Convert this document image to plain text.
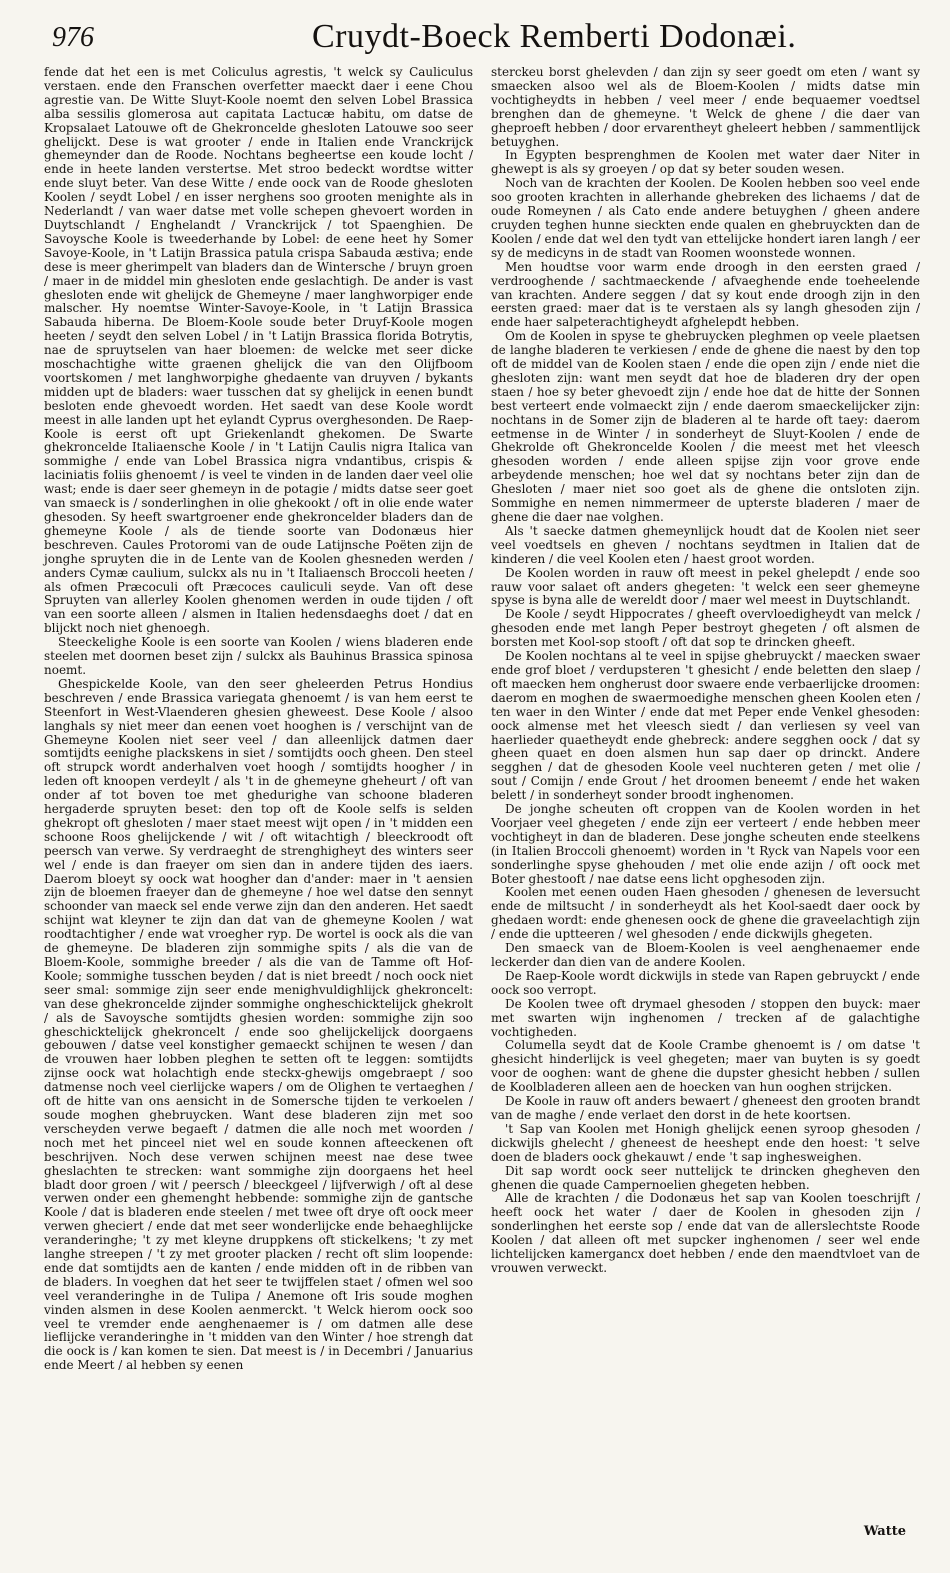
976	Cruydt-Boeck Remberti Dodonæi.

fende dat het een is met Coliculus agrestis, 't welck sy Cauliculus verstaen. ende den Franschen overfetter maeckt daer i eene Chou agrestie van. De Witte Sluyt-Koole noemt den selven Lobel Brassica alba sessilis glomerosa aut capitata Lactucæ habitu, om datse de Kropsalaet Latouwe oft de Ghekroncelde ghesloten Latouwe soo seer ghelijckt. Dese is wat grooter / ende in Italien ende Vranckrijck ghemeynder dan de Roode. Nochtans begheertse een koude locht / ende in heete landen verstertse. Met stroo bedeckt wordtse witter ende sluyt beter. Van dese Witte / ende oock van de Roode ghesloten Koolen / seydt Lobel / en isser nerghens soo grooten menighte als in Nederlandt / van waer datse met volle schepen ghevoert worden in Duytschlandt / Enghelandt / Vranckrijck / tot Spaenghien. De Savoysche Koole is tweederhande by Lobel: de eene heet hy Somer Savoye-Koole, in 't Latijn Brassica patula crispa Sabauda æstiva; ende dese is meer gherimpelt van bladers dan de Wintersche / bruyn groen / maer in de middel min ghesloten ende geslachtigh. De ander is vast ghesloten ende wit ghelijck de Ghemeyne / maer langhworpiger ende malscher. Hy noemtse Winter-Savoye-Koole, in 't Latijn Brassica Sabauda hiberna. De Bloem-Koole soude beter Druyf-Koole mogen heeten / seydt den selven Lobel / in 't Latijn Brassica florida Botrytis, nae de spruytselen van haer bloemen: de welcke met seer dicke moschachtighe witte graenen ghelijck die van den Olijfboom voortskomen / met langhworpighe ghedaente van druyven / bykants midden upt de bladers: waer tusschen dat sy ghelijck in eenen bundt besloten ende ghevoedt worden. Het saedt van dese Koole wordt meest in alle landen upt het eylandt Cyprus overghesonden. De Raep-Koole is eerst oft upt Griekenlandt ghekomen. De Swarte ghekroncelde Italiaensche Koole / in 't Latijn Caulis nigra Italica van sommighe / ende van Lobel Brassica nigra vndantibus, crispis & laciniatis foliis ghenoemt / is veel te vinden in de landen daer veel olie wast; ende is daer seer ghemeyn in de potagie / midts datse seer goet van smaeck is / sonderlinghen in olie ghekookt / oft in olie ende water ghesoden. Sy heeft swartgroener ende ghekroncelder bladers dan de ghemeyne Koole / als de tiende soorte van Dodonæus hier beschreven. Caules Protoromi van de oude Latijnsche Poëten zijn de jonghe spruyten die in de Lente van de Koolen ghesneden werden / anders Cymæ caulium, sulckx als nu in 't Italiaensch Broccoli heeten / als ofmen Præcoculi oft Præcoces cauliculi seyde. Van oft dese Spruyten van allerley Koolen ghenomen werden in oude tijden / oft van een soorte alleen / alsmen in Italien hedensdaeghs doet / dat en blijckt noch niet ghenoegh.

Steeckelighe Koole is een soorte van Koolen / wiens bladeren ende steelen met doornen beset zijn / sulckx als Bauhinus Brassica spinosa noemt.

Ghespickelde Koole, van den seer gheleerden Petrus Hondius beschreven / ende Brassica variegata ghenoemt / is van hem eerst te Steenfort in West-Vlaenderen ghesien gheweest. Dese Koole / alsoo langhals sy niet meer dan eenen voet hooghen is / verschijnt van de Ghemeyne Koolen niet seer veel / dan alleenlijck datmen daer somtijdts eenighe plackskens in siet / somtijdts ooch gheen. Den steel oft strupck wordt anderhalven voet hoogh / somtijdts hoogher / in leden oft knoopen verdeylt / als 't in de ghemeyne gheheurt / oft van onder af tot boven toe met ghedurighe van schoone bladeren hergaderde spruyten beset: den top oft de Koole selfs is selden ghekropt oft ghesloten / maer staet meest wijt open / in 't midden een schoone Roos ghelijckende / wit / oft witachtigh / bleeckroodt oft peersch van verwe. Sy verdraeght de strenghigheyt des winters seer wel / ende is dan fraeyer om sien dan in andere tijden des iaers. Daerom bloeyt sy oock wat hoogher dan d'ander: maer in 't aensien zijn de bloemen fraeyer dan de ghemeyne / hoe wel datse den sennyt schoonder van maeck sel ende verwe zijn dan den anderen. Het saedt schijnt wat kleyner te zijn dan dat van de ghemeyne Koolen / wat roodtachtigher / ende wat vroegher ryp. De wortel is oock als die van de ghemeyne. De bladeren zijn sommighe spits / als die van de Bloem-Koole, sommighe breeder / als die van de Tamme oft Hof-Koole; sommighe tusschen beyden / dat is niet breedt / noch oock niet seer smal: sommige zijn seer ende menighvuldighlijck ghekroncelt: van dese ghekroncelde zijnder sommighe ongheschicktelijck ghekrolt / als de Savoysche somtijdts ghesien worden: sommighe zijn soo gheschicktelijck ghekroncelt / ende soo ghelijckelijck doorgaens gebouwen / datse veel konstigher gemaeckt schijnen te wesen / dan de vrouwen haer lobben pleghen te setten oft te leggen: somtijdts zijnse oock wat holachtigh ende steckx-ghewijs omgebraept / soo datmense noch veel cierlijcke wapers / om de Olighen te vertaeghen / oft de hitte van ons aensicht in de Somersche tijden te verkoelen / soude moghen ghebruycken. Want dese bladeren zijn met soo verscheyden verwe begaeft / datmen die alle noch met woorden / noch met het pinceel niet wel en soude konnen afteeckenen oft beschrijven. Noch dese verwen schijnen meest nae dese twee gheslachten te strecken: want sommighe zijn doorgaens het heel bladt door groen / wit / peersch / bleeckgeel / lijfverwigh / oft al dese verwen onder een ghemenght hebbende: sommighe zijn de gantsche Koole / dat is bladeren ende steelen / met twee oft drye oft oock meer verwen gheciert / ende dat met seer wonderlijcke ende behaeghlijcke veranderinghe; 't zy met kleyne druppkens oft stickelkens; 't zy met langhe streepen / 't zy met grooter placken / recht oft slim loopende: ende dat somtijdts aen de kanten / ende midden oft in de ribben van de bladers. In voeghen dat het seer te twijffelen staet / ofmen wel soo veel veranderinghe in de Tulipa / Anemone oft Iris soude moghen vinden alsmen in dese Koolen aenmerckt. 't Welck hierom oock soo veel te vremder ende aenghenaemer is / om datmen alle dese lieflijcke veranderinghe in 't midden van den Winter / hoe strengh dat die oock is / kan komen te sien. Dat meest is / in Decembri / Januarius ende Meert / al hebben sy eenen

sterckeu borst ghelevden / dan zijn sy seer goedt om eten / want sy smaecken alsoo wel als de Bloem-Koolen / midts datse min vochtigheydts in hebben / veel meer / ende bequaemer voedtsel brenghen dan de ghemeyne. 't Welck de ghene / die daer van gheproeft hebben / door ervarentheyt gheleert hebben / sammentlijck betuyghen.

In Egypten besprenghmen de Koolen met water daer Niter in ghewept is als sy groeyen / op dat sy beter souden wesen.

Noch van de krachten der Koolen. De Koolen hebben soo veel ende soo grooten krachten in allerhande ghebreken des lichaems / dat de oude Romeynen / als Cato ende andere betuyghen / gheen andere cruyden teghen hunne sieckten ende qualen en ghebruyckten dan de Koolen / ende dat wel den tydt van ettelijcke hondert iaren langh / eer sy de medicyns in de stadt van Roomen woonstede wonnen.

Men houdtse voor warm ende droogh in den eersten graed / verdrooghende / sachtmaeckende / afvaeghende ende toeheelende van krachten. Andere seggen / dat sy kout ende droogh zijn in den eersten graed: maer dat is te verstaen als sy langh ghesoden zijn / ende haer salpeterachtigheydt afghelepdt hebben.

Om de Koolen in spyse te ghebruycken pleghmen op veele plaetsen de langhe bladeren te verkiesen / ende de ghene die naest by den top oft de middel van de Koolen staen / ende die open zijn / ende niet die ghesloten zijn: want men seydt dat hoe de bladeren dry der open staen / hoe sy beter ghevoedt zijn / ende hoe dat de hitte der Sonnen best verteert ende volmaeckt zijn / ende daerom smaeckelijcker zijn: nochtans in de Somer zijn de bladeren al te harde oft taey: daerom eetmense in de Winter / in sonderheyt de Sluyt-Koolen / ende de Ghekrolde oft Ghekroncelde Koolen / die meest met het vleesch ghesoden worden / ende alleen spijse zijn voor grove ende arbeydende menschen; hoe wel dat sy nochtans beter zijn dan de Ghesloten / maer niet soo goet als de ghene die ontsloten zijn. Sommighe en nemen nimmermeer de upterste bladeren / maer de ghene die daer nae volghen.

Als 't saecke datmen ghemeynlijck houdt dat de Koolen niet seer veel voedtsels en gheven / nochtans seydtmen in Italien dat de kinderen / die veel Koolen eten / haest groot worden.

De Koolen worden in rauw oft meest in pekel ghelepdt / ende soo rauw voor salaet oft anders ghegeten: 't welck een seer ghemeyne spyse is byna alle de wereldt door / maer wel meest in Duytschlandt.

De Koole / seydt Hippocrates / gheeft overvloedigheydt van melck / ghesoden ende met langh Peper bestroyt ghegeten / oft alsmen de borsten met Kool-sop stooft / oft dat sop te drincken gheeft.

De Koolen nochtans al te veel in spijse ghebruyckt / maecken swaer ende grof bloet / verdupsteren 't ghesicht / ende beletten den slaep / oft maecken hem ongherust door swaere ende verbaerlijcke droomen: daerom en moghen de swaermoedighe menschen gheen Koolen eten / ten waer in den Winter / ende dat met Peper ende Venkel ghesoden: oock almense met het vleesch siedt / dan verliesen sy veel van haerlieder quaetheydt ende ghebreck: andere segghen oock / dat sy gheen quaet en doen alsmen hun sap daer op drinckt. Andere segghen / dat de ghesoden Koole veel nuchteren geten / met olie / sout / Comijn / ende Grout / het droomen beneemt / ende het waken belett / in sonderheyt sonder broodt inghenomen.

De jonghe scheuten oft croppen van de Koolen worden in het Voorjaer veel ghegeten / ende zijn eer verteert / ende hebben meer vochtigheyt in dan de bladeren. Dese jonghe scheuten ende steelkens (in Italien Broccoli ghenoemt) worden in 't Ryck van Napels voor een sonderlinghe spyse ghehouden / met olie ende azijn / oft oock met Boter ghestooft / nae datse eens licht opghesoden zijn.

Koolen met eenen ouden Haen ghesoden / ghenesen de leversucht ende de miltsucht / in sonderheydt als het Kool-saedt daer oock by ghedaen wordt: ende ghenesen oock de ghene die graveelachtigh zijn / ende die uptteeren / wel ghesoden / ende dickwijls ghegeten.

Den smaeck van de Bloem-Koolen is veel aenghenaemer ende leckerder dan dien van de andere Koolen.

De Raep-Koole wordt dickwijls in stede van Rapen gebruyckt / ende oock soo verropt.

De Koolen twee oft drymael ghesoden / stoppen den buyck: maer met swarten wijn inghenomen / trecken af de galachtighe vochtigheden.

Columella seydt dat de Koole Crambe ghenoemt is / om datse 't ghesicht hinderlijck is veel ghegeten; maer van buyten is sy goedt voor de ooghen: want de ghene die dupster ghesicht hebben / sullen de Koolbladeren alleen aen de hoecken van hun ooghen strijcken.

De Koole in rauw oft anders bewaert / gheneest den grooten brandt van de maghe / ende verlaet den dorst in de hete koortsen.

't Sap van Koolen met Honigh ghelijck eenen syroop ghesoden / dickwijls ghelecht / gheneest de heeshept ende den hoest: 't selve doen de bladers oock ghekauwt / ende 't sap inghesweighen.

Dit sap wordt oock seer nuttelijck te drincken ghegheven den ghenen die quade Campernoelien ghegeten hebben.

Alle de krachten / die Dodonæus het sap van Koolen toeschrijft / heeft oock het water / daer de Koolen in ghesoden zijn / sonderlinghen het eerste sop / ende dat van de allerslechtste Roode Koolen / dat alleen oft met supcker inghenomen / seer wel ende lichtelijcken kamergancx doet hebben / ende den maendtvloet van de vrouwen verweckt.

Watte
